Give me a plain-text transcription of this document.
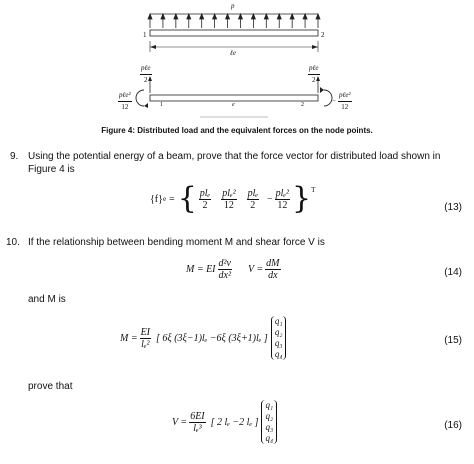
p
1	2
ℓe
$\frac{\text{pℓe}}{2}$
$\frac{\text{pℓe²}}{12}$
$\frac{\text{pℓe}}{2}$
− $\frac{\text{pℓe²}}{12}$
1	2
e
Figure 4: Distributed load and the equivalent forces on the node points.
9. Using the potential energy of a beam, prove that the force vector for distributed load shown in Figure 4 is
{f} e = { $\frac{\text{plₑ}}{2} \frac{\text{plₑ²}}{12} \frac{\text{plₑ}}{2} - \frac{\text{plₑ²}}{12} \}^T$
(13)
10. If the relationship between bending moment M and shear force V is
M = EI $\frac{\text{d²v}}{\text{dx²}}$ $V = \frac{dM}{dx}$	(14)
and M is
$M = \frac{EI}{\text{lₑ²}}$ [ 6ξ (3ξ−1)lₑ −6ξ (3ξ+1)lₑ ]
q₁
q₂
q₃
q₄
(15)
prove that
$V = \frac{6EI}{\text{lₑ³}}$ [ 2 lₑ −2 lₑ ]
q₁
q₂
q₃
q₄
(16)
